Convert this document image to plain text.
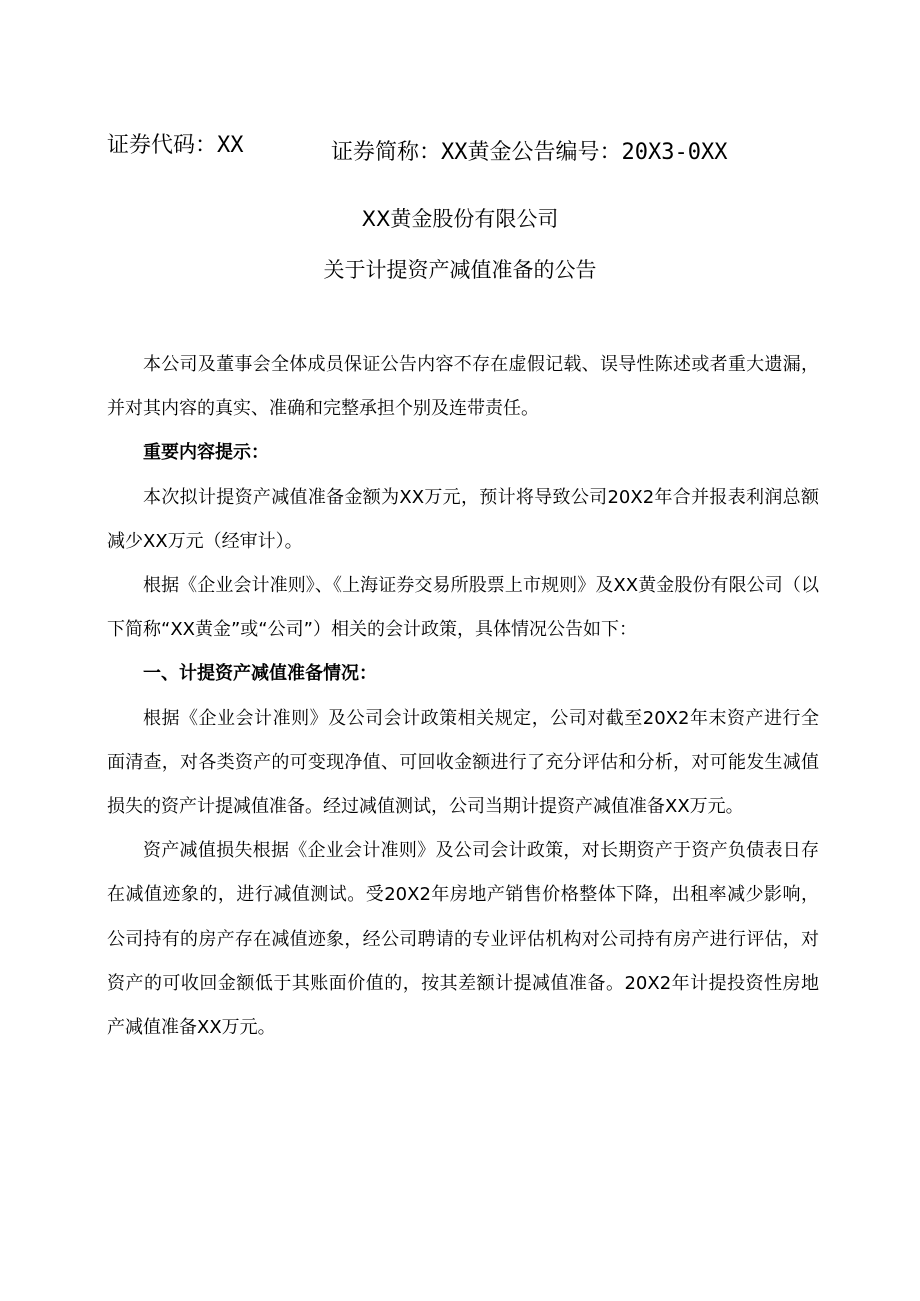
证券代码：XX	证券简称：XX黄金公告编号：20X3-0XX
XX黄金股份有限公司
关于计提资产减值准备的公告

本公司及董事会全体成员保证公告内容不存在虚假记载、误导性陈述或者重大遗漏，并对其内容的真实、准确和完整承担个别及连带责任。

重要内容提示：

本次拟计提资产减值准备金额为XX万元，预计将导致公司20X2年合并报表利润总额减少XX万元（经审计）。

根据《企业会计准则》、《上海证券交易所股票上市规则》及XX黄金股份有限公司（以下简称“XX黄金”或“公司”）相关的会计政策，具体情况公告如下：

一、计提资产减值准备情况：

根据《企业会计准则》及公司会计政策相关规定，公司对截至20X2年末资产进行全面清查，对各类资产的可变现净值、可回收金额进行了充分评估和分析，对可能发生减值损失的资产计提减值准备。经过减值测试，公司当期计提资产减值准备XX万元。

资产减值损失根据《企业会计准则》及公司会计政策，对长期资产于资产负债表日存在减值迹象的，进行减值测试。受20X2年房地产销售价格整体下降，出租率减少影响，公司持有的房产存在减值迹象，经公司聘请的专业评估机构对公司持有房产进行评估，对资产的可收回金额低于其账面价值的，按其差额计提减值准备。20X2年计提投资性房地产减值准备XX万元。
